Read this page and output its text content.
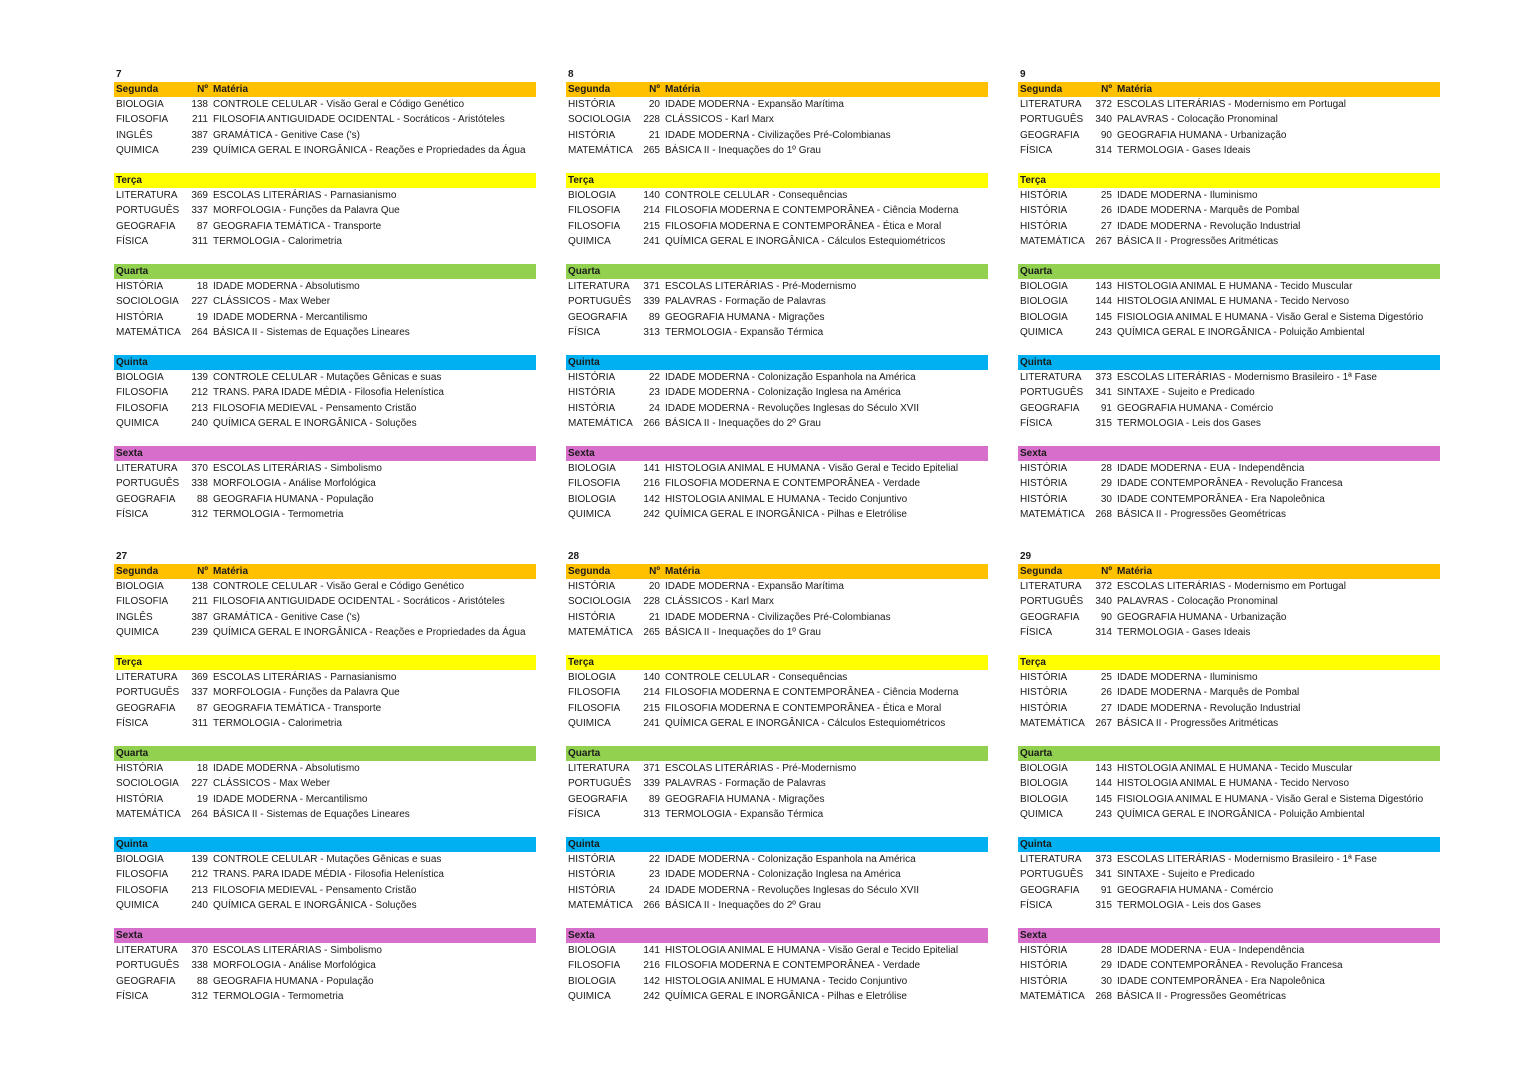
7
Segunda	Nº Matéria
BIOLOGIA	138 CONTROLE CELULAR - Visão Geral e Código Genético
FILOSOFIA	211 FILOSOFIA ANTIGUIDADE OCIDENTAL - Socráticos - Aristóteles
INGLÊS	387 GRAMÁTICA - Genitive Case ('s)
QUIMICA	239 QUÍMICA GERAL E INORGÂNICA - Reações e Propriedades da Água
Terça
LITERATURA	369 ESCOLAS LITERÁRIAS - Parnasianismo
PORTUGUÊS	337 MORFOLOGIA - Funções da Palavra Que
GEOGRAFIA	87 GEOGRAFIA TEMÁTICA - Transporte
FÍSICA	311 TERMOLOGIA - Calorimetria
Quarta
HISTÓRIA	18 IDADE MODERNA - Absolutismo
SOCIOLOGIA	227 CLÁSSICOS - Max Weber
HISTÓRIA	19 IDADE MODERNA - Mercantilismo
MATEMÁTICA	264 BÁSICA II - Sistemas de Equações Lineares
Quinta
BIOLOGIA	139 CONTROLE CELULAR - Mutações Gênicas e suas
FILOSOFIA	212 TRANS. PARA IDADE MÉDIA - Filosofia Helenística
FILOSOFIA	213 FILOSOFIA MEDIEVAL - Pensamento Cristão
QUIMICA	240 QUÍMICA GERAL E INORGÂNICA - Soluções
Sexta
LITERATURA	370 ESCOLAS LITERÁRIAS - Simbolismo
PORTUGUÊS	338 MORFOLOGIA - Análise Morfológica
GEOGRAFIA	88 GEOGRAFIA HUMANA - População
FÍSICA	312 TERMOLOGIA - Termometria
8
Segunda	Nº Matéria
HISTÓRIA	20 IDADE MODERNA - Expansão Marítima
SOCIOLOGIA	228 CLÁSSICOS - Karl Marx
HISTÓRIA	21 IDADE MODERNA - Civilizações Pré-Colombianas
MATEMÁTICA	265 BÁSICA II - Inequações do 1º Grau
Terça
BIOLOGIA	140 CONTROLE CELULAR - Consequências
FILOSOFIA	214 FILOSOFIA MODERNA E CONTEMPORÂNEA - Ciência Moderna
FILOSOFIA	215 FILOSOFIA MODERNA E CONTEMPORÂNEA - Ética e Moral
QUIMICA	241 QUÍMICA GERAL E INORGÂNICA - Cálculos Estequiométricos
Quarta
LITERATURA	371 ESCOLAS LITERÁRIAS - Pré-Modernismo
PORTUGUÊS	339 PALAVRAS - Formação de Palavras
GEOGRAFIA	89 GEOGRAFIA HUMANA - Migrações
FÍSICA	313 TERMOLOGIA - Expansão Térmica
Quinta
HISTÓRIA	22 IDADE MODERNA - Colonização Espanhola na América
HISTÓRIA	23 IDADE MODERNA - Colonização Inglesa na América
HISTÓRIA	24 IDADE MODERNA - Revoluções Inglesas do Século XVII
MATEMÁTICA	266 BÁSICA II - Inequações do 2º Grau
Sexta
BIOLOGIA	141 HISTOLOGIA ANIMAL E HUMANA - Visão Geral e Tecido Epitelial
FILOSOFIA	216 FILOSOFIA MODERNA E CONTEMPORÂNEA - Verdade
BIOLOGIA	142 HISTOLOGIA ANIMAL E HUMANA - Tecido Conjuntivo
QUIMICA	242 QUÍMICA GERAL E INORGÂNICA - Pilhas e Eletrólise
9
Segunda	Nº Matéria
LITERATURA	372 ESCOLAS LITERÁRIAS - Modernismo em Portugal
PORTUGUÊS	340 PALAVRAS - Colocação Pronominal
GEOGRAFIA	90 GEOGRAFIA HUMANA - Urbanização
FÍSICA	314 TERMOLOGIA - Gases Ideais
Terça
HISTÓRIA	25 IDADE MODERNA - Iluminismo
HISTÓRIA	26 IDADE MODERNA - Marquês de Pombal
HISTÓRIA	27 IDADE MODERNA - Revolução Industrial
MATEMÁTICA	267 BÁSICA II - Progressões Aritméticas
Quarta
BIOLOGIA	143 HISTOLOGIA ANIMAL E HUMANA - Tecido Muscular
BIOLOGIA	144 HISTOLOGIA ANIMAL E HUMANA - Tecido Nervoso
BIOLOGIA	145 FISIOLOGIA ANIMAL E HUMANA - Visão Geral e Sistema Digestório
QUIMICA	243 QUÍMICA GERAL E INORGÂNICA - Poluição Ambiental
Quinta
LITERATURA	373 ESCOLAS LITERÁRIAS - Modernismo Brasileiro - 1ª Fase
PORTUGUÊS	341 SINTAXE - Sujeito e Predicado
GEOGRAFIA	91 GEOGRAFIA HUMANA - Comércio
FÍSICA	315 TERMOLOGIA - Leis dos Gases
Sexta
HISTÓRIA	28 IDADE MODERNA - EUA - Independência
HISTÓRIA	29 IDADE CONTEMPORÂNEA - Revolução Francesa
HISTÓRIA	30 IDADE CONTEMPORÂNEA - Era Napoleônica
MATEMÁTICA	268 BÁSICA II - Progressões Geométricas
27
Segunda	Nº Matéria
BIOLOGIA	138 CONTROLE CELULAR - Visão Geral e Código Genético
FILOSOFIA	211 FILOSOFIA ANTIGUIDADE OCIDENTAL - Socráticos - Aristóteles
INGLÊS	387 GRAMÁTICA - Genitive Case ('s)
QUIMICA	239 QUÍMICA GERAL E INORGÂNICA - Reações e Propriedades da Água
Terça
LITERATURA	369 ESCOLAS LITERÁRIAS - Parnasianismo
PORTUGUÊS	337 MORFOLOGIA - Funções da Palavra Que
GEOGRAFIA	87 GEOGRAFIA TEMÁTICA - Transporte
FÍSICA	311 TERMOLOGIA - Calorimetria
Quarta
HISTÓRIA	18 IDADE MODERNA - Absolutismo
SOCIOLOGIA	227 CLÁSSICOS - Max Weber
HISTÓRIA	19 IDADE MODERNA - Mercantilismo
MATEMÁTICA	264 BÁSICA II - Sistemas de Equações Lineares
Quinta
BIOLOGIA	139 CONTROLE CELULAR - Mutações Gênicas e suas
FILOSOFIA	212 TRANS. PARA IDADE MÉDIA - Filosofia Helenística
FILOSOFIA	213 FILOSOFIA MEDIEVAL - Pensamento Cristão
QUIMICA	240 QUÍMICA GERAL E INORGÂNICA - Soluções
Sexta
LITERATURA	370 ESCOLAS LITERÁRIAS - Simbolismo
PORTUGUÊS	338 MORFOLOGIA - Análise Morfológica
GEOGRAFIA	88 GEOGRAFIA HUMANA - População
FÍSICA	312 TERMOLOGIA - Termometria
28
Segunda	Nº Matéria
HISTÓRIA	20 IDADE MODERNA - Expansão Marítima
SOCIOLOGIA	228 CLÁSSICOS - Karl Marx
HISTÓRIA	21 IDADE MODERNA - Civilizações Pré-Colombianas
MATEMÁTICA	265 BÁSICA II - Inequações do 1º Grau
Terça
BIOLOGIA	140 CONTROLE CELULAR - Consequências
FILOSOFIA	214 FILOSOFIA MODERNA E CONTEMPORÂNEA - Ciência Moderna
FILOSOFIA	215 FILOSOFIA MODERNA E CONTEMPORÂNEA - Ética e Moral
QUIMICA	241 QUÍMICA GERAL E INORGÂNICA - Cálculos Estequiométricos
Quarta
LITERATURA	371 ESCOLAS LITERÁRIAS - Pré-Modernismo
PORTUGUÊS	339 PALAVRAS - Formação de Palavras
GEOGRAFIA	89 GEOGRAFIA HUMANA - Migrações
FÍSICA	313 TERMOLOGIA - Expansão Térmica
Quinta
HISTÓRIA	22 IDADE MODERNA - Colonização Espanhola na América
HISTÓRIA	23 IDADE MODERNA - Colonização Inglesa na América
HISTÓRIA	24 IDADE MODERNA - Revoluções Inglesas do Século XVII
MATEMÁTICA	266 BÁSICA II - Inequações do 2º Grau
Sexta
BIOLOGIA	141 HISTOLOGIA ANIMAL E HUMANA - Visão Geral e Tecido Epitelial
FILOSOFIA	216 FILOSOFIA MODERNA E CONTEMPORÂNEA - Verdade
BIOLOGIA	142 HISTOLOGIA ANIMAL E HUMANA - Tecido Conjuntivo
QUIMICA	242 QUÍMICA GERAL E INORGÂNICA - Pilhas e Eletrólise
29
Segunda	Nº Matéria
LITERATURA	372 ESCOLAS LITERÁRIAS - Modernismo em Portugal
PORTUGUÊS	340 PALAVRAS - Colocação Pronominal
GEOGRAFIA	90 GEOGRAFIA HUMANA - Urbanização
FÍSICA	314 TERMOLOGIA - Gases Ideais
Terça
HISTÓRIA	25 IDADE MODERNA - Iluminismo
HISTÓRIA	26 IDADE MODERNA - Marquês de Pombal
HISTÓRIA	27 IDADE MODERNA - Revolução Industrial
MATEMÁTICA	267 BÁSICA II - Progressões Aritméticas
Quarta
BIOLOGIA	143 HISTOLOGIA ANIMAL E HUMANA - Tecido Muscular
BIOLOGIA	144 HISTOLOGIA ANIMAL E HUMANA - Tecido Nervoso
BIOLOGIA	145 FISIOLOGIA ANIMAL E HUMANA - Visão Geral e Sistema Digestório
QUIMICA	243 QUÍMICA GERAL E INORGÂNICA - Poluição Ambiental
Quinta
LITERATURA	373 ESCOLAS LITERÁRIAS - Modernismo Brasileiro - 1ª Fase
PORTUGUÊS	341 SINTAXE - Sujeito e Predicado
GEOGRAFIA	91 GEOGRAFIA HUMANA - Comércio
FÍSICA	315 TERMOLOGIA - Leis dos Gases
Sexta
HISTÓRIA	28 IDADE MODERNA - EUA - Independência
HISTÓRIA	29 IDADE CONTEMPORÂNEA - Revolução Francesa
HISTÓRIA	30 IDADE CONTEMPORÂNEA - Era Napoleônica
MATEMÁTICA	268 BÁSICA II - Progressões Geométricas
